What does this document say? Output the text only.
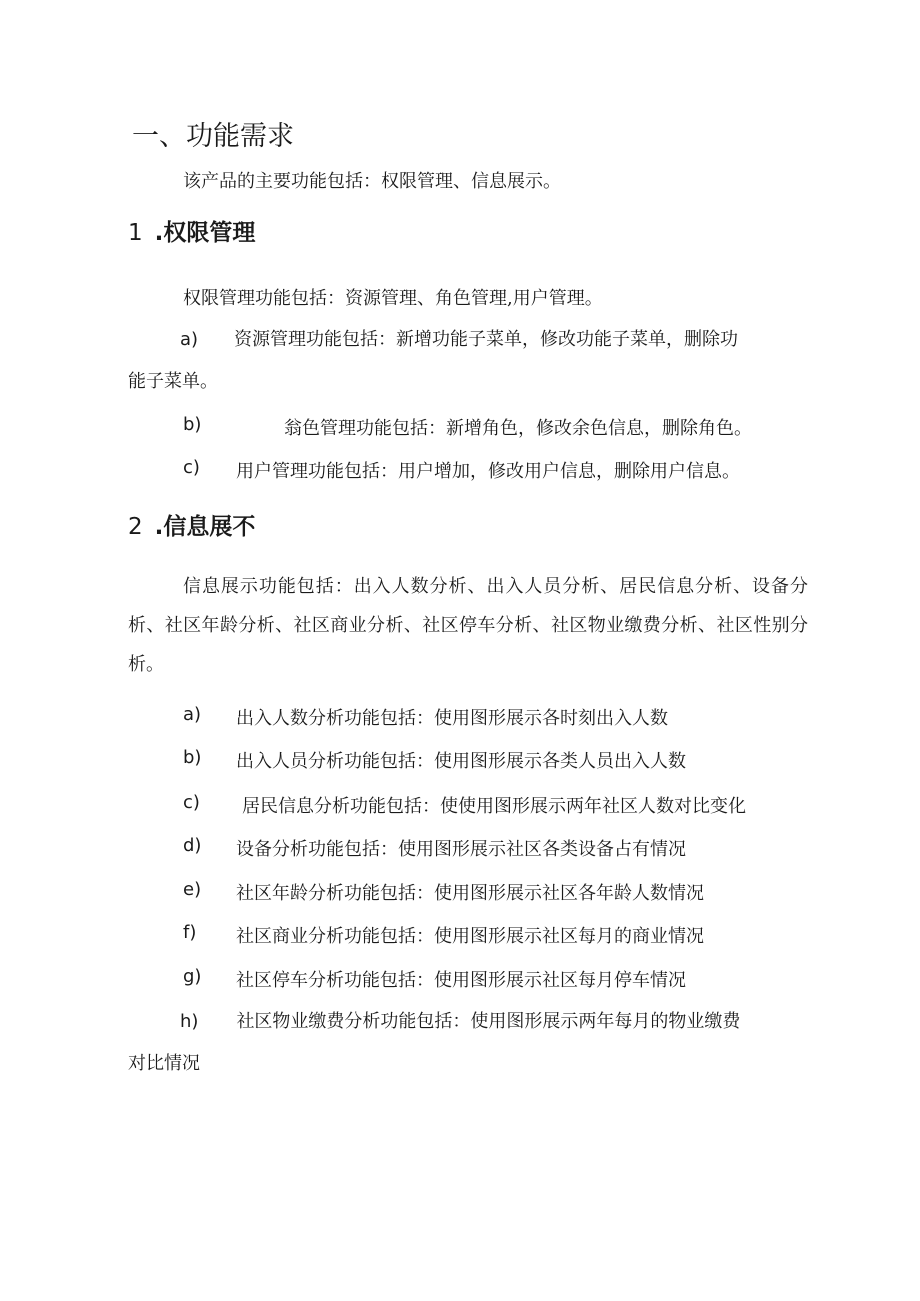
一、功能需求
该产品的主要功能包括：权限管理、信息展示。
1 .权限管理
权限管理功能包括：资源管理、角色管理,用户管理。
a) 资源管理功能包括：新增功能子菜单，修改功能子菜单，删除功
能子菜单。
b)	翁色管理功能包括：新增角色，修改余色信息，删除角色。
c) 用户管理功能包括：用户增加，修改用户信息，删除用户信息。
2 .信息展不
信息展示功能包括：出入人数分析、出入人员分析、居民信息分析、设备分析、社区年龄分析、社区商业分析、社区停车分析、社区物业缴费分析、社区性别分析。
a) 出入人数分析功能包括：使用图形展示各时刻出入人数
b) 出入人员分析功能包括：使用图形展示各类人员出入人数
c) 居民信息分析功能包括：使使用图形展示两年社区人数对比变化
d) 设备分析功能包括：使用图形展示社区各类设备占有情况
e) 社区年龄分析功能包括：使用图形展示社区各年龄人数情况
f) 社区商业分析功能包括：使用图形展示社区每月的商业情况
g) 社区停车分析功能包括：使用图形展示社区每月停车情况
h) 社区物业缴费分析功能包括：使用图形展示两年每月的物业缴费
对比情况
